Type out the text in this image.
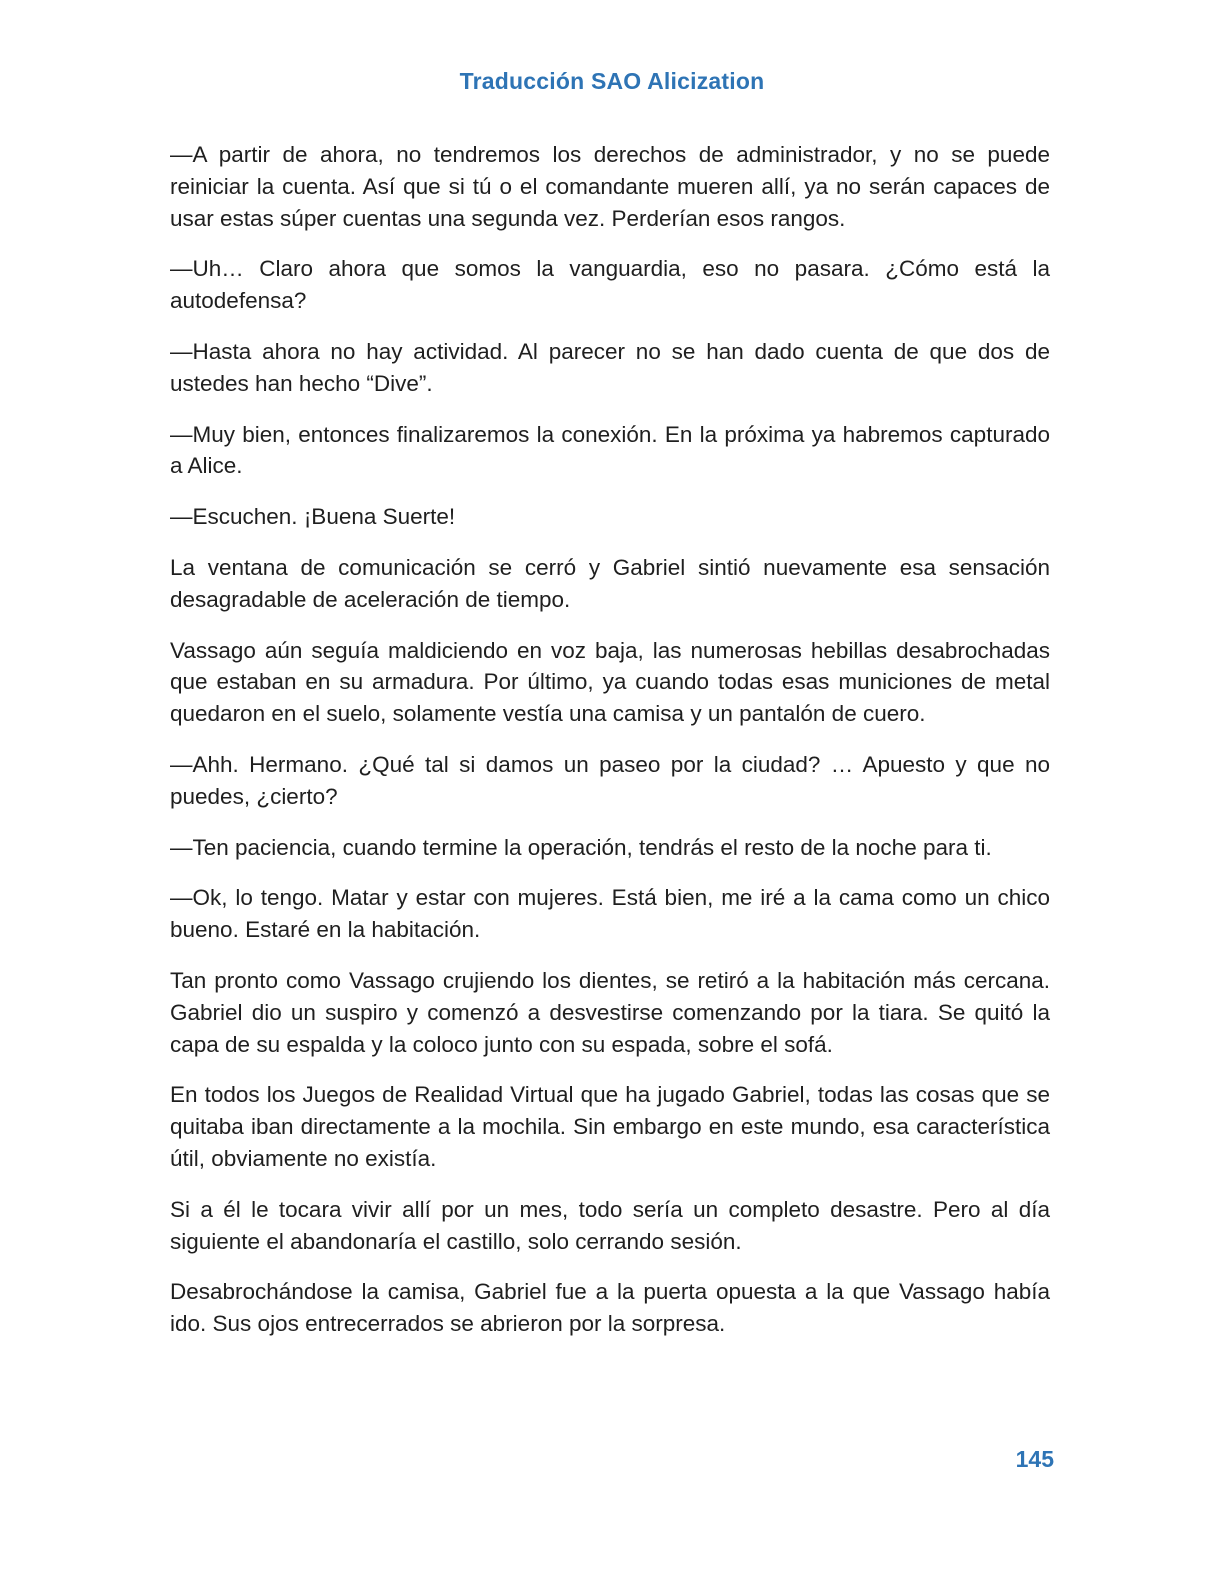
Traducción SAO Alicization

—A partir de ahora, no tendremos los derechos de administrador, y no se puede reiniciar la cuenta. Así que si tú o el comandante mueren allí, ya no serán capaces de usar estas súper cuentas una segunda vez. Perderían esos rangos.

—Uh… Claro ahora que somos la vanguardia, eso no pasara. ¿Cómo está la autodefensa?

—Hasta ahora no hay actividad. Al parecer no se han dado cuenta de que dos de ustedes han hecho “Dive”.

—Muy bien, entonces finalizaremos la conexión. En la próxima ya habremos capturado a Alice.

—Escuchen. ¡Buena Suerte!

La ventana de comunicación se cerró y Gabriel sintió nuevamente esa sensación desagradable de aceleración de tiempo.

Vassago aún seguía maldiciendo en voz baja, las numerosas hebillas desabrochadas que estaban en su armadura. Por último, ya cuando todas esas municiones de metal quedaron en el suelo, solamente vestía una camisa y un pantalón de cuero.

—Ahh. Hermano. ¿Qué tal si damos un paseo por la ciudad? … Apuesto y que no puedes, ¿cierto?

—Ten paciencia, cuando termine la operación, tendrás el resto de la noche para ti.

—Ok, lo tengo. Matar y estar con mujeres. Está bien, me iré a la cama como un chico bueno. Estaré en la habitación.

Tan pronto como Vassago crujiendo los dientes, se retiró a la habitación más cercana. Gabriel dio un suspiro y comenzó a desvestirse comenzando por la tiara. Se quitó la capa de su espalda y la coloco junto con su espada, sobre el sofá.

En todos los Juegos de Realidad Virtual que ha jugado Gabriel, todas las cosas que se quitaba iban directamente a la mochila. Sin embargo en este mundo, esa característica útil, obviamente no existía.

Si a él le tocara vivir allí por un mes, todo sería un completo desastre. Pero al día siguiente el abandonaría el castillo, solo cerrando sesión.

Desabrochándose la camisa, Gabriel fue a la puerta opuesta a la que Vassago había ido. Sus ojos entrecerrados se abrieron por la sorpresa.

145
